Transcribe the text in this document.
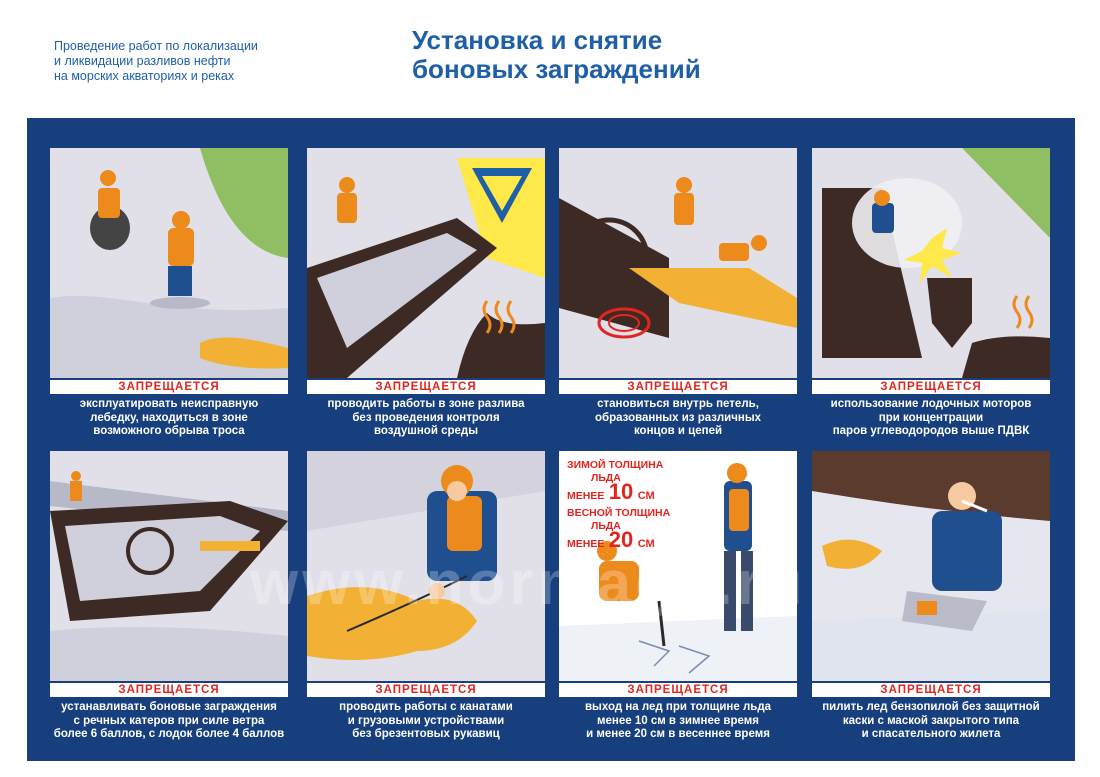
Проведение работ по локализации
и ликвидации разливов нефти
на морских акваториях и реках
Установка и снятие
боновых заграждений
ЗАПРЕЩАЕТСЯ
эксплуатировать неисправную
лебедку, находиться в зоне
возможного обрыва троса
ЗАПРЕЩАЕТСЯ
проводить работы в зоне разлива
без проведения контроля
воздушной среды
ЗАПРЕЩАЕТСЯ
становиться внутрь петель,
образованных из различных
концов и цепей
ЗАПРЕЩАЕТСЯ
использование лодочных моторов
при концентрации
паров углеводородов выше ПДВК
ЗАПРЕЩАЕТСЯ
устанавливать боновые заграждения
с речных катеров при силе ветра
более 6 баллов, с лодок более 4 баллов
ЗАПРЕЩАЕТСЯ
проводить работы с канатами
и грузовыми устройствами
без брезентовых рукавиц
ЗИМОЙ ТОЛЩИНА
ЛЬДА
МЕНЕЕ 10 СМ
ВЕСНОЙ ТОЛЩИНА
ЛЬДА
МЕНЕЕ 20 СМ
ЗАПРЕЩАЕТСЯ
выход на лед при толщине льда
менее 10 см в зимнее время
и менее 20 см в весеннее время
ЗАПРЕЩАЕТСЯ
пилить лед бензопилой без защитной
каски с маской закрытого типа
и спасательного жилета
www.normaga.ru
